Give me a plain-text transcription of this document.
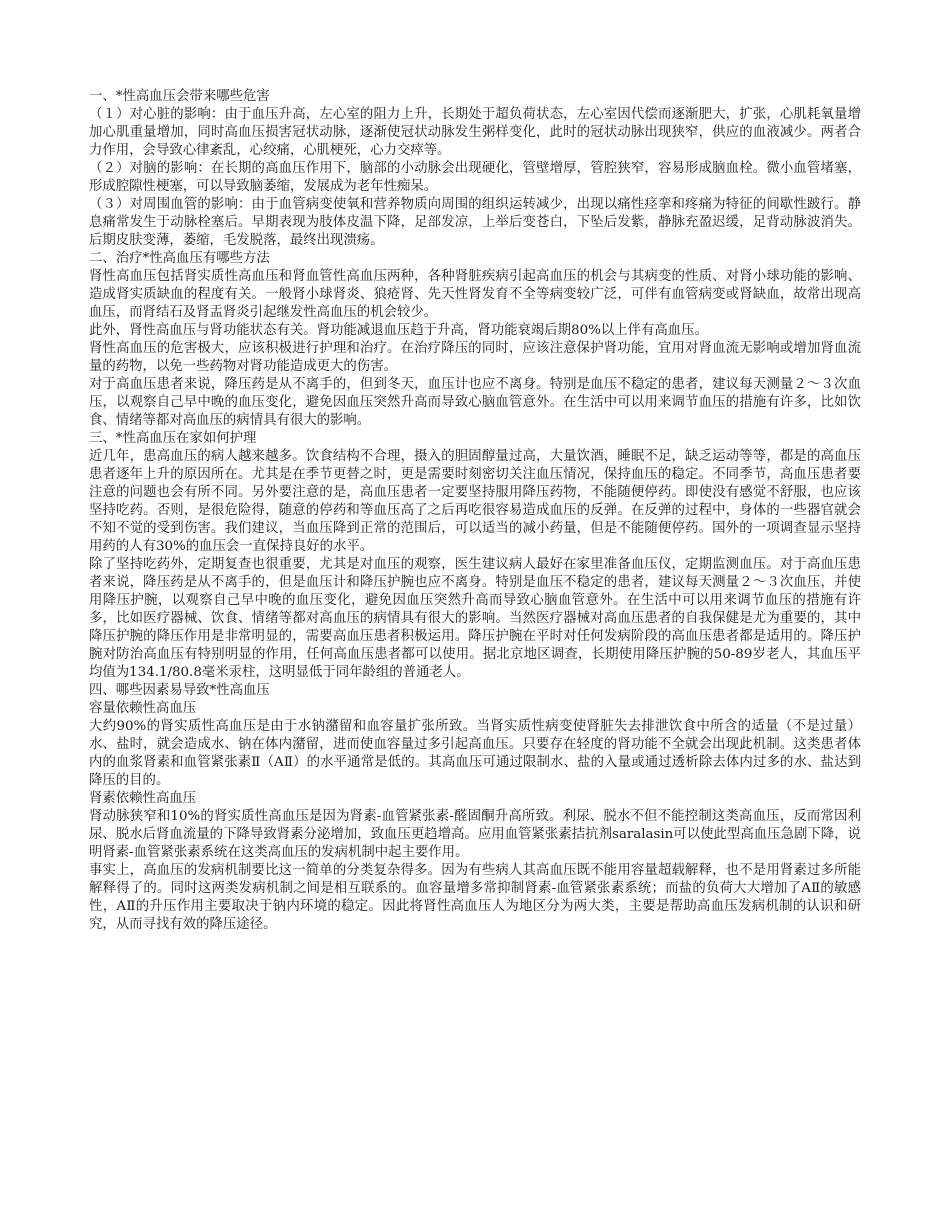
一、*性高血压会带来哪些危害

（１）对心脏的影响：由于血压升高，左心室的阻力上升，长期处于超负荷状态，左心室因代偿而逐渐肥大，扩张，心肌耗氧量增加心肌重量增加，同时高血压损害冠状动脉，逐渐使冠状动脉发生粥样变化，此时的冠状动脉出现狭窄，供应的血液减少。两者合力作用，会导致心律紊乱，心绞痛，心肌梗死，心力交瘁等。

（２）对脑的影响：在长期的高血压作用下，脑部的小动脉会出现硬化，管壁增厚，管腔狭窄，容易形成脑血栓。微小血管堵塞，形成腔隙性梗塞，可以导致脑萎缩，发展成为老年性痴呆。

（３）对周围血管的影响：由于血管病变使氧和营养物质向周围的组织运转减少，出现以痛性痉挛和疼痛为特征的间歇性跛行。静息痛常发生于动脉栓塞后。早期表现为肢体皮温下降，足部发凉，上举后变苍白，下坠后发紫，静脉充盈迟缓，足背动脉波消失。后期皮肤变薄，萎缩，毛发脱落，最终出现溃疡。

二、治疗*性高血压有哪些方法

肾性高血压包括肾实质性高血压和肾血管性高血压两种，各种肾脏疾病引起高血压的机会与其病变的性质、对肾小球功能的影响、造成肾实质缺血的程度有关。一般肾小球肾炎、狼疮肾、先天性肾发育不全等病变较广泛，可伴有血管病变或肾缺血，故常出现高血压，而肾结石及肾盂肾炎引起继发性高血压的机会较少。

此外，肾性高血压与肾功能状态有关。肾功能减退血压趋于升高，肾功能衰竭后期80%以上伴有高血压。

肾性高血压的危害极大，应该积极进行护理和治疗。在治疗降压的同时，应该注意保护肾功能，宜用对肾血流无影响或增加肾血流量的药物，以免一些药物对肾功能造成更大的伤害。

对于高血压患者来说，降压药是从不离手的，但到冬天，血压计也应不离身。特别是血压不稳定的患者，建议每天测量２～３次血压，以观察自己早中晚的血压变化，避免因血压突然升高而导致心脑血管意外。在生活中可以用来调节血压的措施有许多，比如饮食、情绪等都对高血压的病情具有很大的影响。

三、*性高血压在家如何护理

近几年，患高血压的病人越来越多。饮食结构不合理，摄入的胆固醇量过高，大量饮酒，睡眠不足，缺乏运动等等，都是的高血压患者逐年上升的原因所在。尤其是在季节更替之时，更是需要时刻密切关注血压情况，保持血压的稳定。不同季节，高血压患者要注意的问题也会有所不同。另外要注意的是，高血压患者一定要坚持服用降压药物，不能随便停药。即使没有感觉不舒服，也应该坚持吃药。否则，是很危险得，随意的停药和等血压高了之后再吃很容易造成血压的反弹。在反弹的过程中，身体的一些器官就会不知不觉的受到伤害。我们建议，当血压降到正常的范围后，可以适当的减小药量，但是不能随便停药。国外的一项调查显示坚持用药的人有30%的血压会一直保持良好的水平。

除了坚持吃药外，定期复查也很重要，尤其是对血压的观察，医生建议病人最好在家里准备血压仪，定期监测血压。对于高血压患者来说，降压药是从不离手的，但是血压计和降压护腕也应不离身。特别是血压不稳定的患者，建议每天测量２～３次血压，并使用降压护腕，以观察自己早中晚的血压变化，避免因血压突然升高而导致心脑血管意外。在生活中可以用来调节血压的措施有许多，比如医疗器械、饮食、情绪等都对高血压的病情具有很大的影响。当然医疗器械对高血压患者的自我保健是尤为重要的，其中降压护腕的降压作用是非常明显的，需要高血压患者积极运用。降压护腕在平时对任何发病阶段的高血压患者都是适用的。降压护腕对防治高血压有特别明显的作用，任何高血压患者都可以使用。据北京地区调查，长期使用降压护腕的50-89岁老人，其血压平均值为134.1/80.8毫米汞柱，这明显低于同年龄组的普通老人。

四、哪些因素易导致*性高血压

容量依赖性高血压

大约90%的肾实质性高血压是由于水钠潴留和血容量扩张所致。当肾实质性病变使肾脏失去排泄饮食中所含的适量（不是过量）水、盐时，就会造成水、钠在体内潴留，进而使血容量过多引起高血压。只要存在轻度的肾功能不全就会出现此机制。这类患者体内的血浆肾素和血管紧张素Ⅱ（AⅡ）的水平通常是低的。其高血压可通过限制水、盐的入量或通过透析除去体内过多的水、盐达到降压的目的。

肾素依赖性高血压

肾动脉狭窄和10%的肾实质性高血压是因为肾素-血管紧张素-醛固酮升高所致。利尿、脱水不但不能控制这类高血压，反而常因利尿、脱水后肾血流量的下降导致肾素分泌增加，致血压更趋增高。应用血管紧张素拮抗剂saralasin可以使此型高血压急剧下降，说明肾素-血管紧张素系统在这类高血压的发病机制中起主要作用。

事实上，高血压的发病机制要比这一简单的分类复杂得多。因为有些病人其高血压既不能用容量超载解释，也不是用肾素过多所能解释得了的。同时这两类发病机制之间是相互联系的。血容量增多常抑制肾素-血管紧张素系统；而盐的负荷大大增加了AⅡ的敏感性，AⅡ的升压作用主要取决于钠内环境的稳定。因此将肾性高血压人为地区分为两大类，主要是帮助高血压发病机制的认识和研究，从而寻找有效的降压途径。
